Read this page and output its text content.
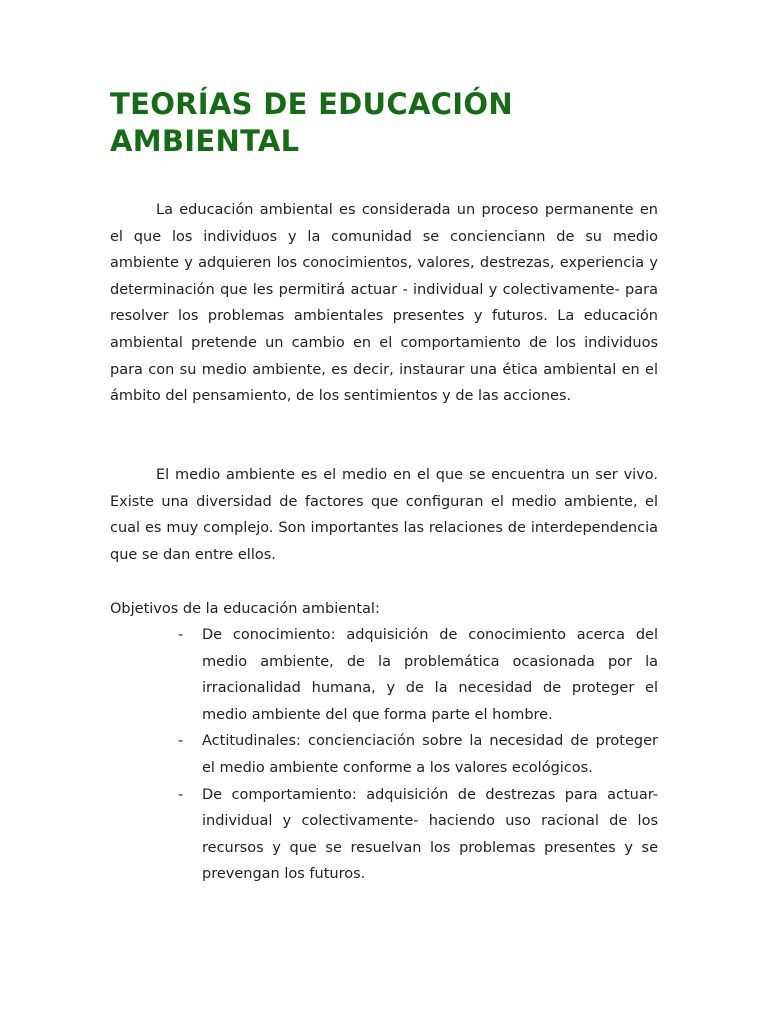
TEORÍAS DE EDUCACIÓN AMBIENTAL

La educación ambiental es considerada un proceso permanente en el que los individuos y la comunidad se concienciann de su medio ambiente y adquieren los conocimientos, valores, destrezas, experiencia y determinación que les permitirá actuar - individual y colectivamente- para resolver los problemas ambientales presentes y futuros. La educación ambiental pretende un cambio en el comportamiento de los individuos para con su medio ambiente, es decir, instaurar una ética ambiental en el ámbito del pensamiento, de los sentimientos y de las acciones.

El medio ambiente es el medio en el que se encuentra un ser vivo. Existe una diversidad de factores que configuran el medio ambiente, el cual es muy complejo. Son importantes las relaciones de interdependencia que se dan entre ellos.

Objetivos de la educación ambiental:

- De conocimiento: adquisición de conocimiento acerca del medio ambiente, de la problemática ocasionada por la irracionalidad humana, y de la necesidad de proteger el medio ambiente del que forma parte el hombre.
- Actitudinales: concienciación sobre la necesidad de proteger el medio ambiente conforme a los valores ecológicos.
- De comportamiento: adquisición de destrezas para actuar- individual y colectivamente- haciendo uso racional de los recursos y que se resuelvan los problemas presentes y se prevengan los futuros.
